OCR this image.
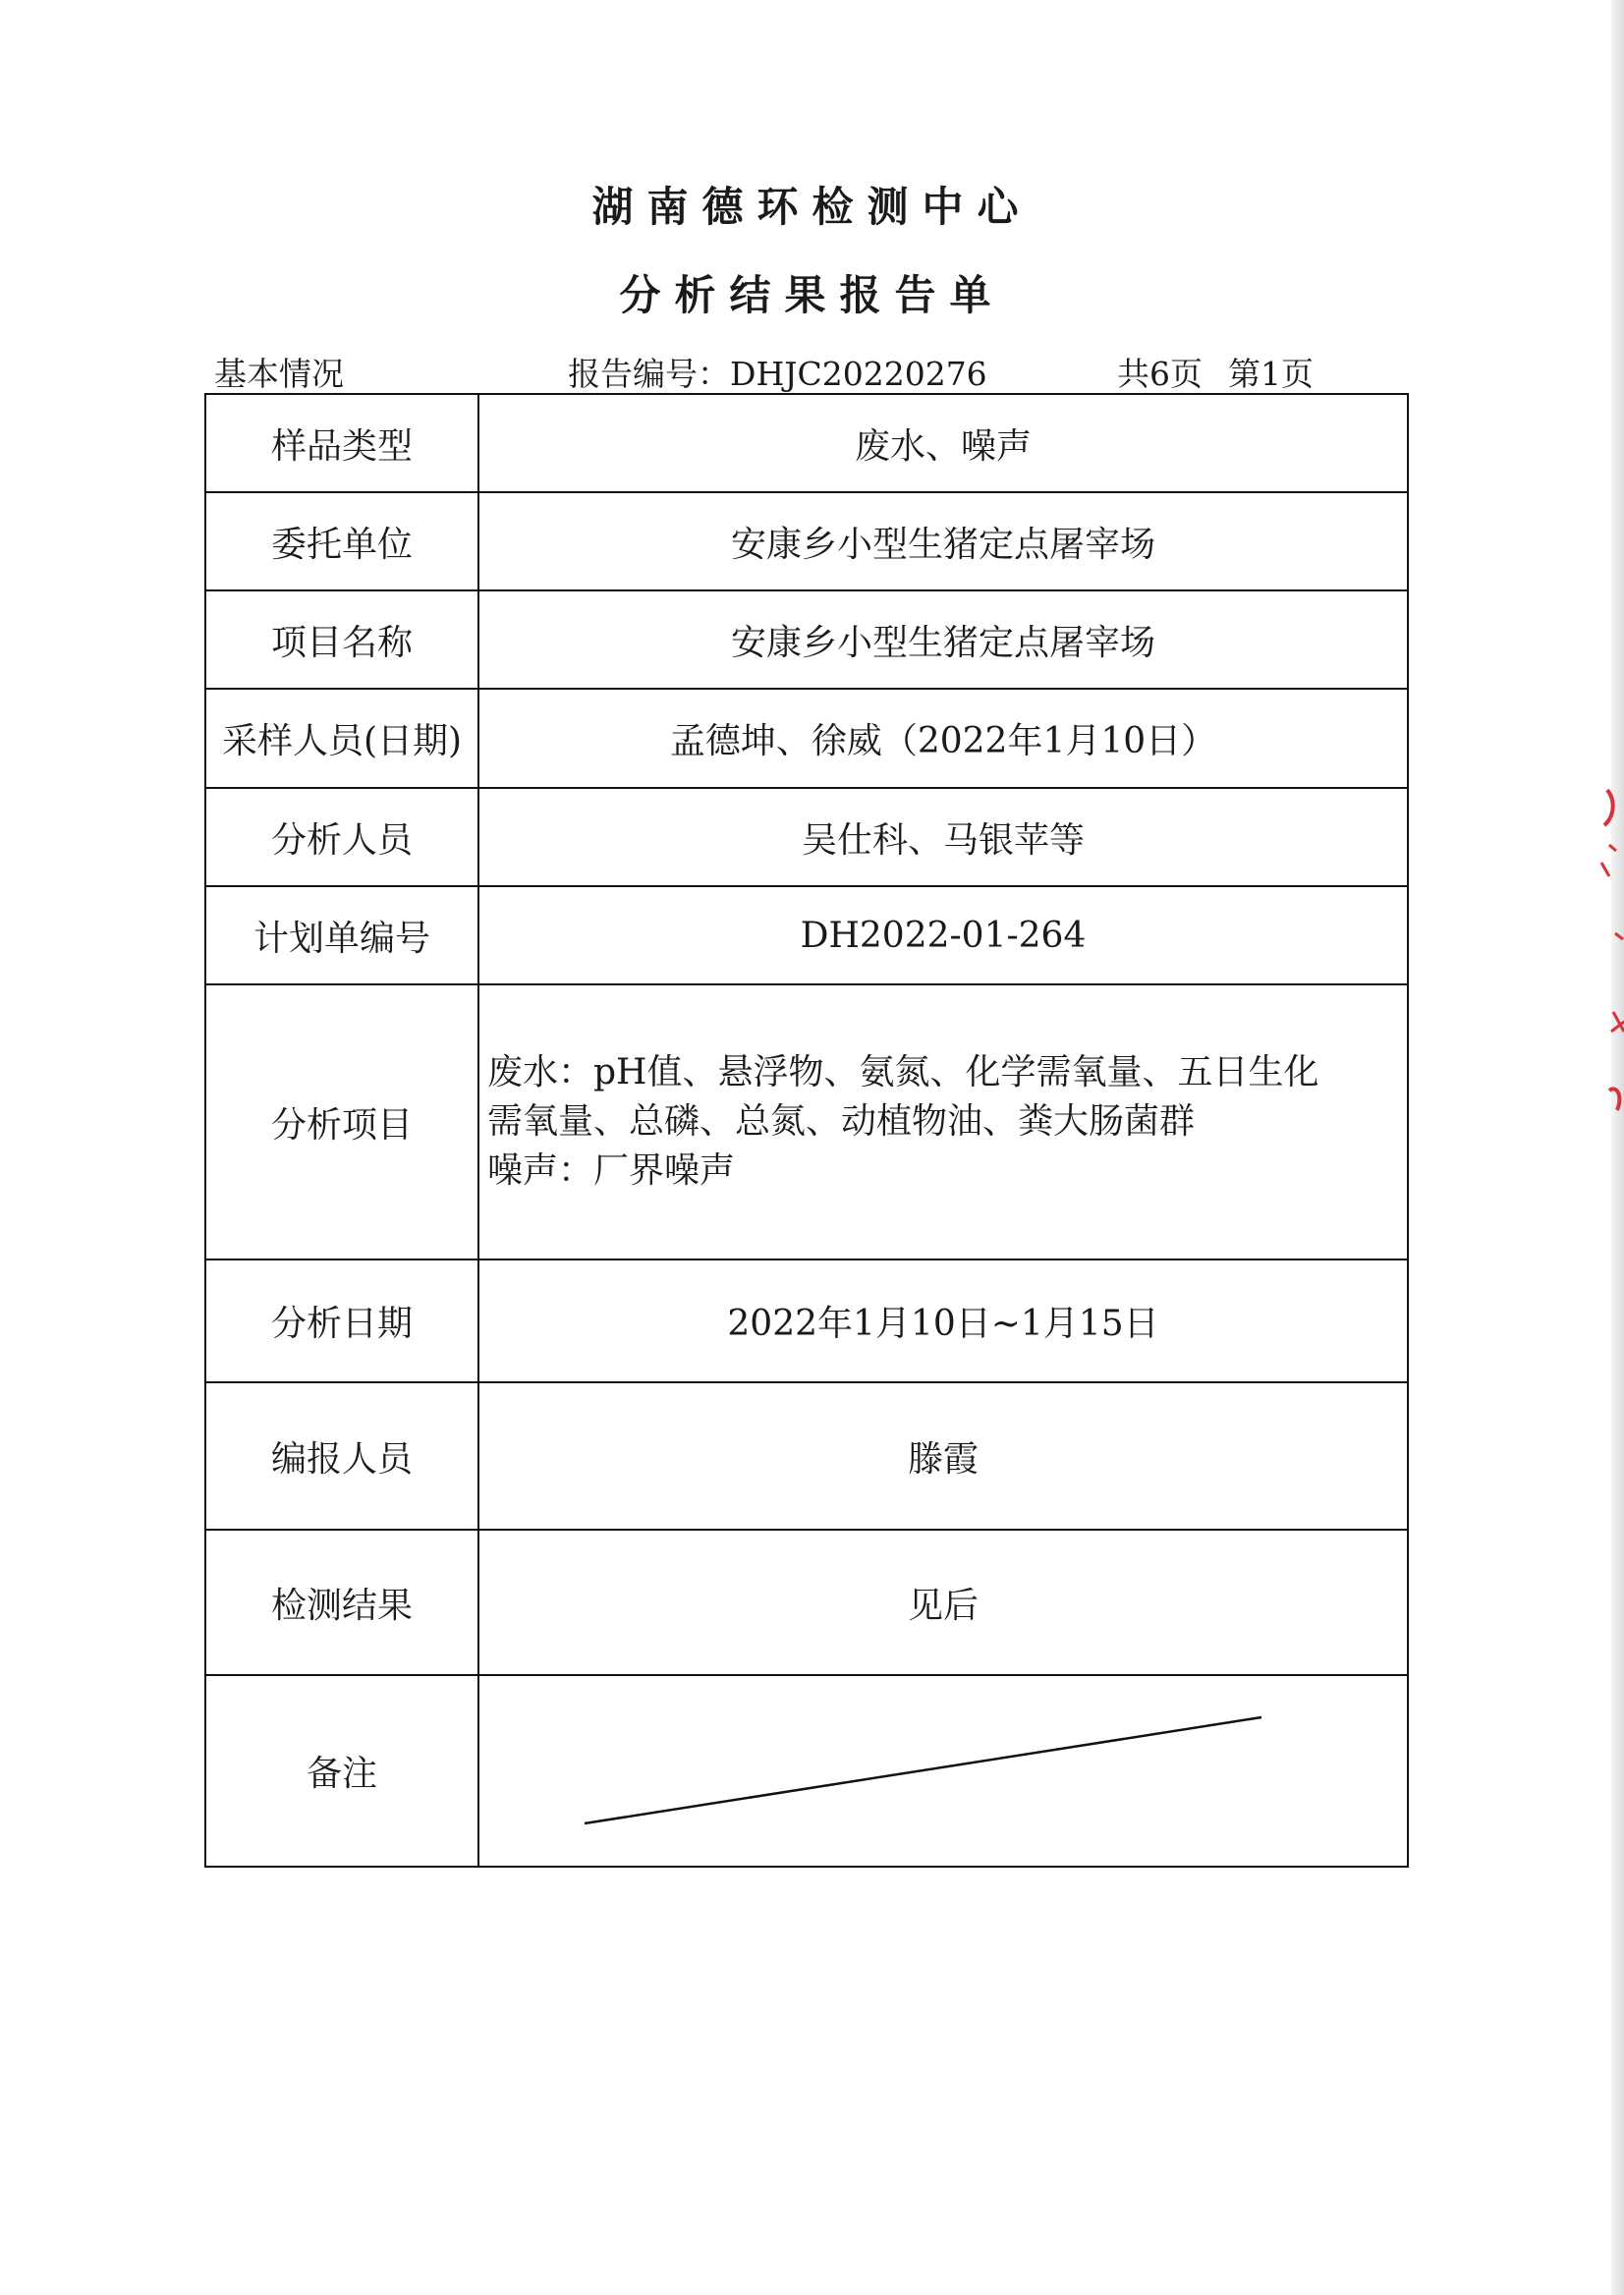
湖南德环检测中心
分析结果报告单
基本情况	报告编号：DHJC20220276	共6页 第1页
样品类型	废水、噪声
委托单位	安康乡小型生猪定点屠宰场
项目名称	安康乡小型生猪定点屠宰场
采样人员(日期)	孟德坤、徐威（2022年1月10日）
分析人员	吴仕科、马银苹等
计划单编号	DH2022-01-264
分析项目	废水：pH值、悬浮物、氨氮、化学需氧量、五日生化
需氧量、总磷、总氮、动植物油、粪大肠菌群
噪声：厂界噪声

分析日期	2022年1月10日~1月15日
编报人员	滕霞
检测结果	见后
备注	
